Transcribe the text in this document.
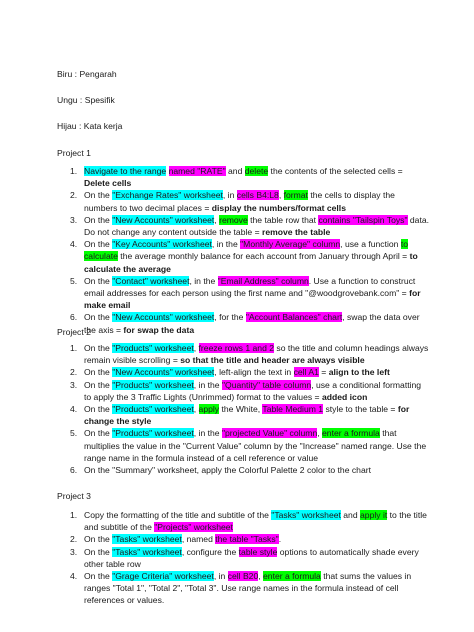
Biru : Pengarah
Ungu : Spesifik
Hijau : Kata kerja
Project 1
1. Navigate to the range named "RATE" and delete the contents of the selected cells = Delete cells
2. On the "Exchange Rates" worksheet, in cells B4:L8, format the cells to display the numbers to two decimal places = display the numbers/format cells
3. On the "New Accounts" worksheet, remove the table row that contains "Tailspin Toys" data. Do not change any content outside the table = remove the table
4. On the "Key Accounts" worksheet, in the "Monthly Average" column, use a function to calculate the average monthly balance for each account from January through April = to calculate the average
5. On the "Contact" worksheet, in the "Email Address" column. Use a function to construct email addresses for each person using the first name and "@woodgrovebank.com" = for make email
6. On the "New Accounts" worksheet, for the "Account Balances" chart, swap the data over the axis = for swap the data
Project 2
1. On the "Products" worksheet, freeze rows 1 and 2 so the title and column headings always remain visible scrolling = so that the title and header are always visible
2. On the "New Accounts" worksheet, left-align the text in cell A1 = align to the left
3. On the "Products" worksheet, in the "Quantity" table column, use a conditional formatting to apply the 3 Traffic Lights (Unrimmed) format to the values = added icon
4. On the "Products" worksheet, apply the White, Table Medium 1 style to the table = for change the style
5. On the "Products" worksheet, in the "projected Value" column, enter a formula that multiplies the value in the "Current Value" column by the "Increase" named range. Use the range name in the formula instead of a cell reference or value
6. On the "Summary" worksheet, apply the Colorful Palette 2 color to the chart
Project 3
1. Copy the formatting of the title and subtitle of the "Tasks" worksheet and apply it to the title and subtitle of the "Projects" worksheet
2. On the "Tasks" worksheet, named the table "Tasks".
3. On the "Tasks" worksheet, configure the table style options to automatically shade every other table row
4. On the "Grage Criteria" worksheet, in cell B20, enter a formula that sums the values in ranges "Total 1", "Total 2", "Total 3". Use range names in the formula instead of cell references or values.
